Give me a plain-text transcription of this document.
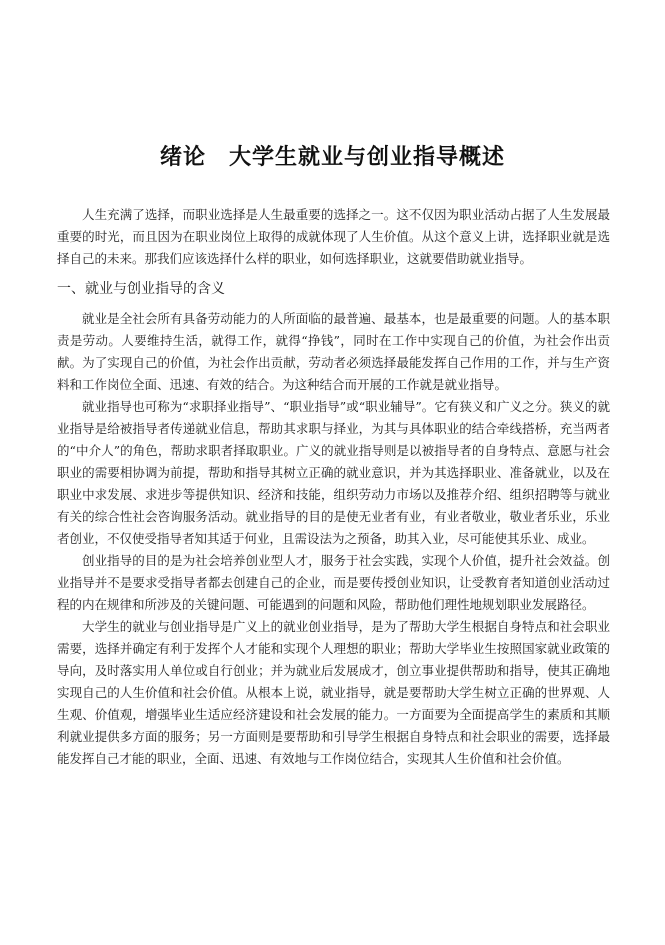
绪论　大学生就业与创业指导概述

人生充满了选择，而职业选择是人生最重要的选择之一。这不仅因为职业活动占据了人生发展最重要的时光，而且因为在职业岗位上取得的成就体现了人生价值。从这个意义上讲，选择职业就是选择自己的未来。那我们应该选择什么样的职业，如何选择职业，这就要借助就业指导。

一、就业与创业指导的含义

就业是全社会所有具备劳动能力的人所面临的最普遍、最基本，也是最重要的问题。人的基本职责是劳动。人要维持生活，就得工作，就得“挣钱”，同时在工作中实现自己的价值，为社会作出贡献。为了实现自己的价值，为社会作出贡献，劳动者必须选择最能发挥自己作用的工作，并与生产资料和工作岗位全面、迅速、有效的结合。为这种结合而开展的工作就是就业指导。

就业指导也可称为“求职择业指导”、“职业指导”或“职业辅导”。它有狭义和广义之分。狭义的就业指导是给被指导者传递就业信息，帮助其求职与择业，为其与具体职业的结合牵线搭桥，充当两者的“中介人”的角色，帮助求职者择取职业。广义的就业指导则是以被指导者的自身特点、意愿与社会职业的需要相协调为前提，帮助和指导其树立正确的就业意识，并为其选择职业、准备就业，以及在职业中求发展、求进步等提供知识、经济和技能，组织劳动力市场以及推荐介绍、组织招聘等与就业有关的综合性社会咨询服务活动。就业指导的目的是使无业者有业，有业者敬业，敬业者乐业，乐业者创业，不仅使受指导者知其适于何业，且需设法为之预备，助其入业，尽可能使其乐业、成业。

创业指导的目的是为社会培养创业型人才，服务于社会实践，实现个人价值，提升社会效益。创业指导并不是要求受指导者都去创建自己的企业，而是要传授创业知识，让受教育者知道创业活动过程的内在规律和所涉及的关键问题、可能遇到的问题和风险，帮助他们理性地规划职业发展路径。

大学生的就业与创业指导是广义上的就业创业指导，是为了帮助大学生根据自身特点和社会职业需要，选择并确定有利于发挥个人才能和实现个人理想的职业；帮助大学毕业生按照国家就业政策的导向，及时落实用人单位或自行创业；并为就业后发展成才，创立事业提供帮助和指导，使其正确地实现自己的人生价值和社会价值。从根本上说，就业指导，就是要帮助大学生树立正确的世界观、人生观、价值观，增强毕业生适应经济建设和社会发展的能力。一方面要为全面提高学生的素质和其顺利就业提供多方面的服务；另一方面则是要帮助和引导学生根据自身特点和社会职业的需要，选择最能发挥自己才能的职业，全面、迅速、有效地与工作岗位结合，实现其人生价值和社会价值。
